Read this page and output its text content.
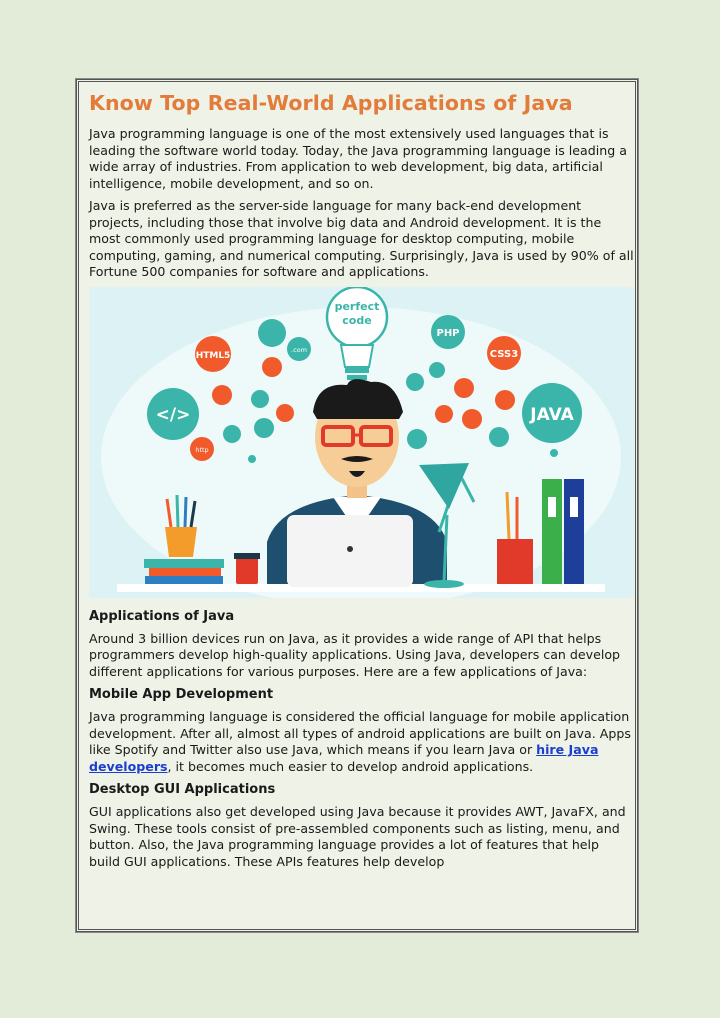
Know Top Real-World Applications of Java

Java programming language is one of the most extensively used languages that is leading the software world today. Today, the Java programming language is leading a wide array of industries. From application to web development, big data, artificial intelligence, mobile development, and so on.

Java is preferred as the server-side language for many back-end development projects, including those that involve big data and Android development. It is the most commonly used programming language for desktop computing, mobile computing, gaming, and numerical computing. Surprisingly, Java is used by 90% of all Fortune 500 companies for software and applications.

perfect
code
</>
HTML5
.com
http
PHP
CSS3
JAVA
Applications of Java

Around 3 billion devices run on Java, as it provides a wide range of API that helps programmers develop high-quality applications. Using Java, developers can develop different applications for various purposes. Here are a few applications of Java:

Mobile App Development

Java programming language is considered the official language for mobile application development. After all, almost all types of android applications are built on Java. Apps like Spotify and Twitter also use Java, which means if you learn Java or hire Java developers, it becomes much easier to develop android applications.

Desktop GUI Applications

GUI applications also get developed using Java because it provides AWT, JavaFX, and Swing. These tools consist of pre-assembled components such as listing, menu, and button. Also, the Java programming language provides a lot of features that help build GUI applications. These APIs features help develop
